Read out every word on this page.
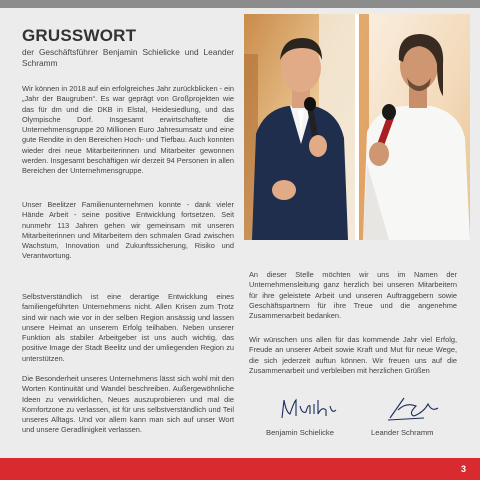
GRUSSWORT
der Geschäftsführer Benjamin Schielicke und Leander Schramm
Wir können in 2018 auf ein erfolgreiches Jahr zurückblicken - ein „Jahr der Baugruben“. Es war geprägt von Großprojekten wie das für dm und die DKB in Elstal, Heidesiedlung, und das Olympische Dorf. Insgesamt erwirtschaftete die Unternehmensgruppe 20 Millionen Euro Jahresumsatz und eine gute Rendite in den Bereichen Hoch- und Tiefbau. Auch konnten wieder drei neue Mitarbeiterinnen und Mitarbeiter gewonnen werden. Insgesamt beschäftigen wir derzeit 94 Personen in allen Bereichen der Unternehmensgruppe.
Unser Beelitzer Familienunternehmen konnte - dank vieler Hände Arbeit - seine positive Entwicklung fortsetzen. Seit nunmehr 113 Jahren gehen wir gemeinsam mit unseren Mitarbeiterinnen und Mitarbeitern den schmalen Grad zwischen Wachstum, Innovation und Zukunftssicherung, Risiko und Verantwortung.
Selbstverständlich ist eine derartige Entwicklung eines familiengeführten Unternehmens nicht. Allen Krisen zum Trotz sind wir nach wie vor in der selben Region ansässig und lassen unsere Heimat an unserem Erfolg teilhaben. Neben unserer Funktion als stabiler Arbeitgeber ist uns auch wichtig, das positive Image der Stadt Beelitz und der umliegenden Region zu unterstützen.
Die Besonderheit unseres Unternehmens lässt sich wohl mit den Worten Kontinuität und Wandel beschreiben. Außergewöhnliche Ideen zu verwirklichen, Neues auszuprobieren und mal die Komfortzone zu verlassen, ist für uns selbstverständlich und Teil unseres Alltags. Und vor allem kann man sich auf unser Wort und unsere Geradlinigkeit verlassen.
An dieser Stelle möchten wir uns im Namen der Unternehmensleitung ganz herzlich bei unseren Mitarbeitern für ihre geleistete Arbeit und unseren Auftraggebern sowie Geschäftspartnern für ihre Treue und die angenehme Zusammenarbeit bedanken.
Wir wünschen uns allen für das kommende Jahr viel Erfolg, Freude an unserer Arbeit sowie Kraft und Mut für neue Wege, die sich jederzeit auftun können. Wir freuen uns auf die Zusammenarbeit und verbleiben mit herzlichen Grüßen
Benjamin Schielicke	Leander Schramm
3
